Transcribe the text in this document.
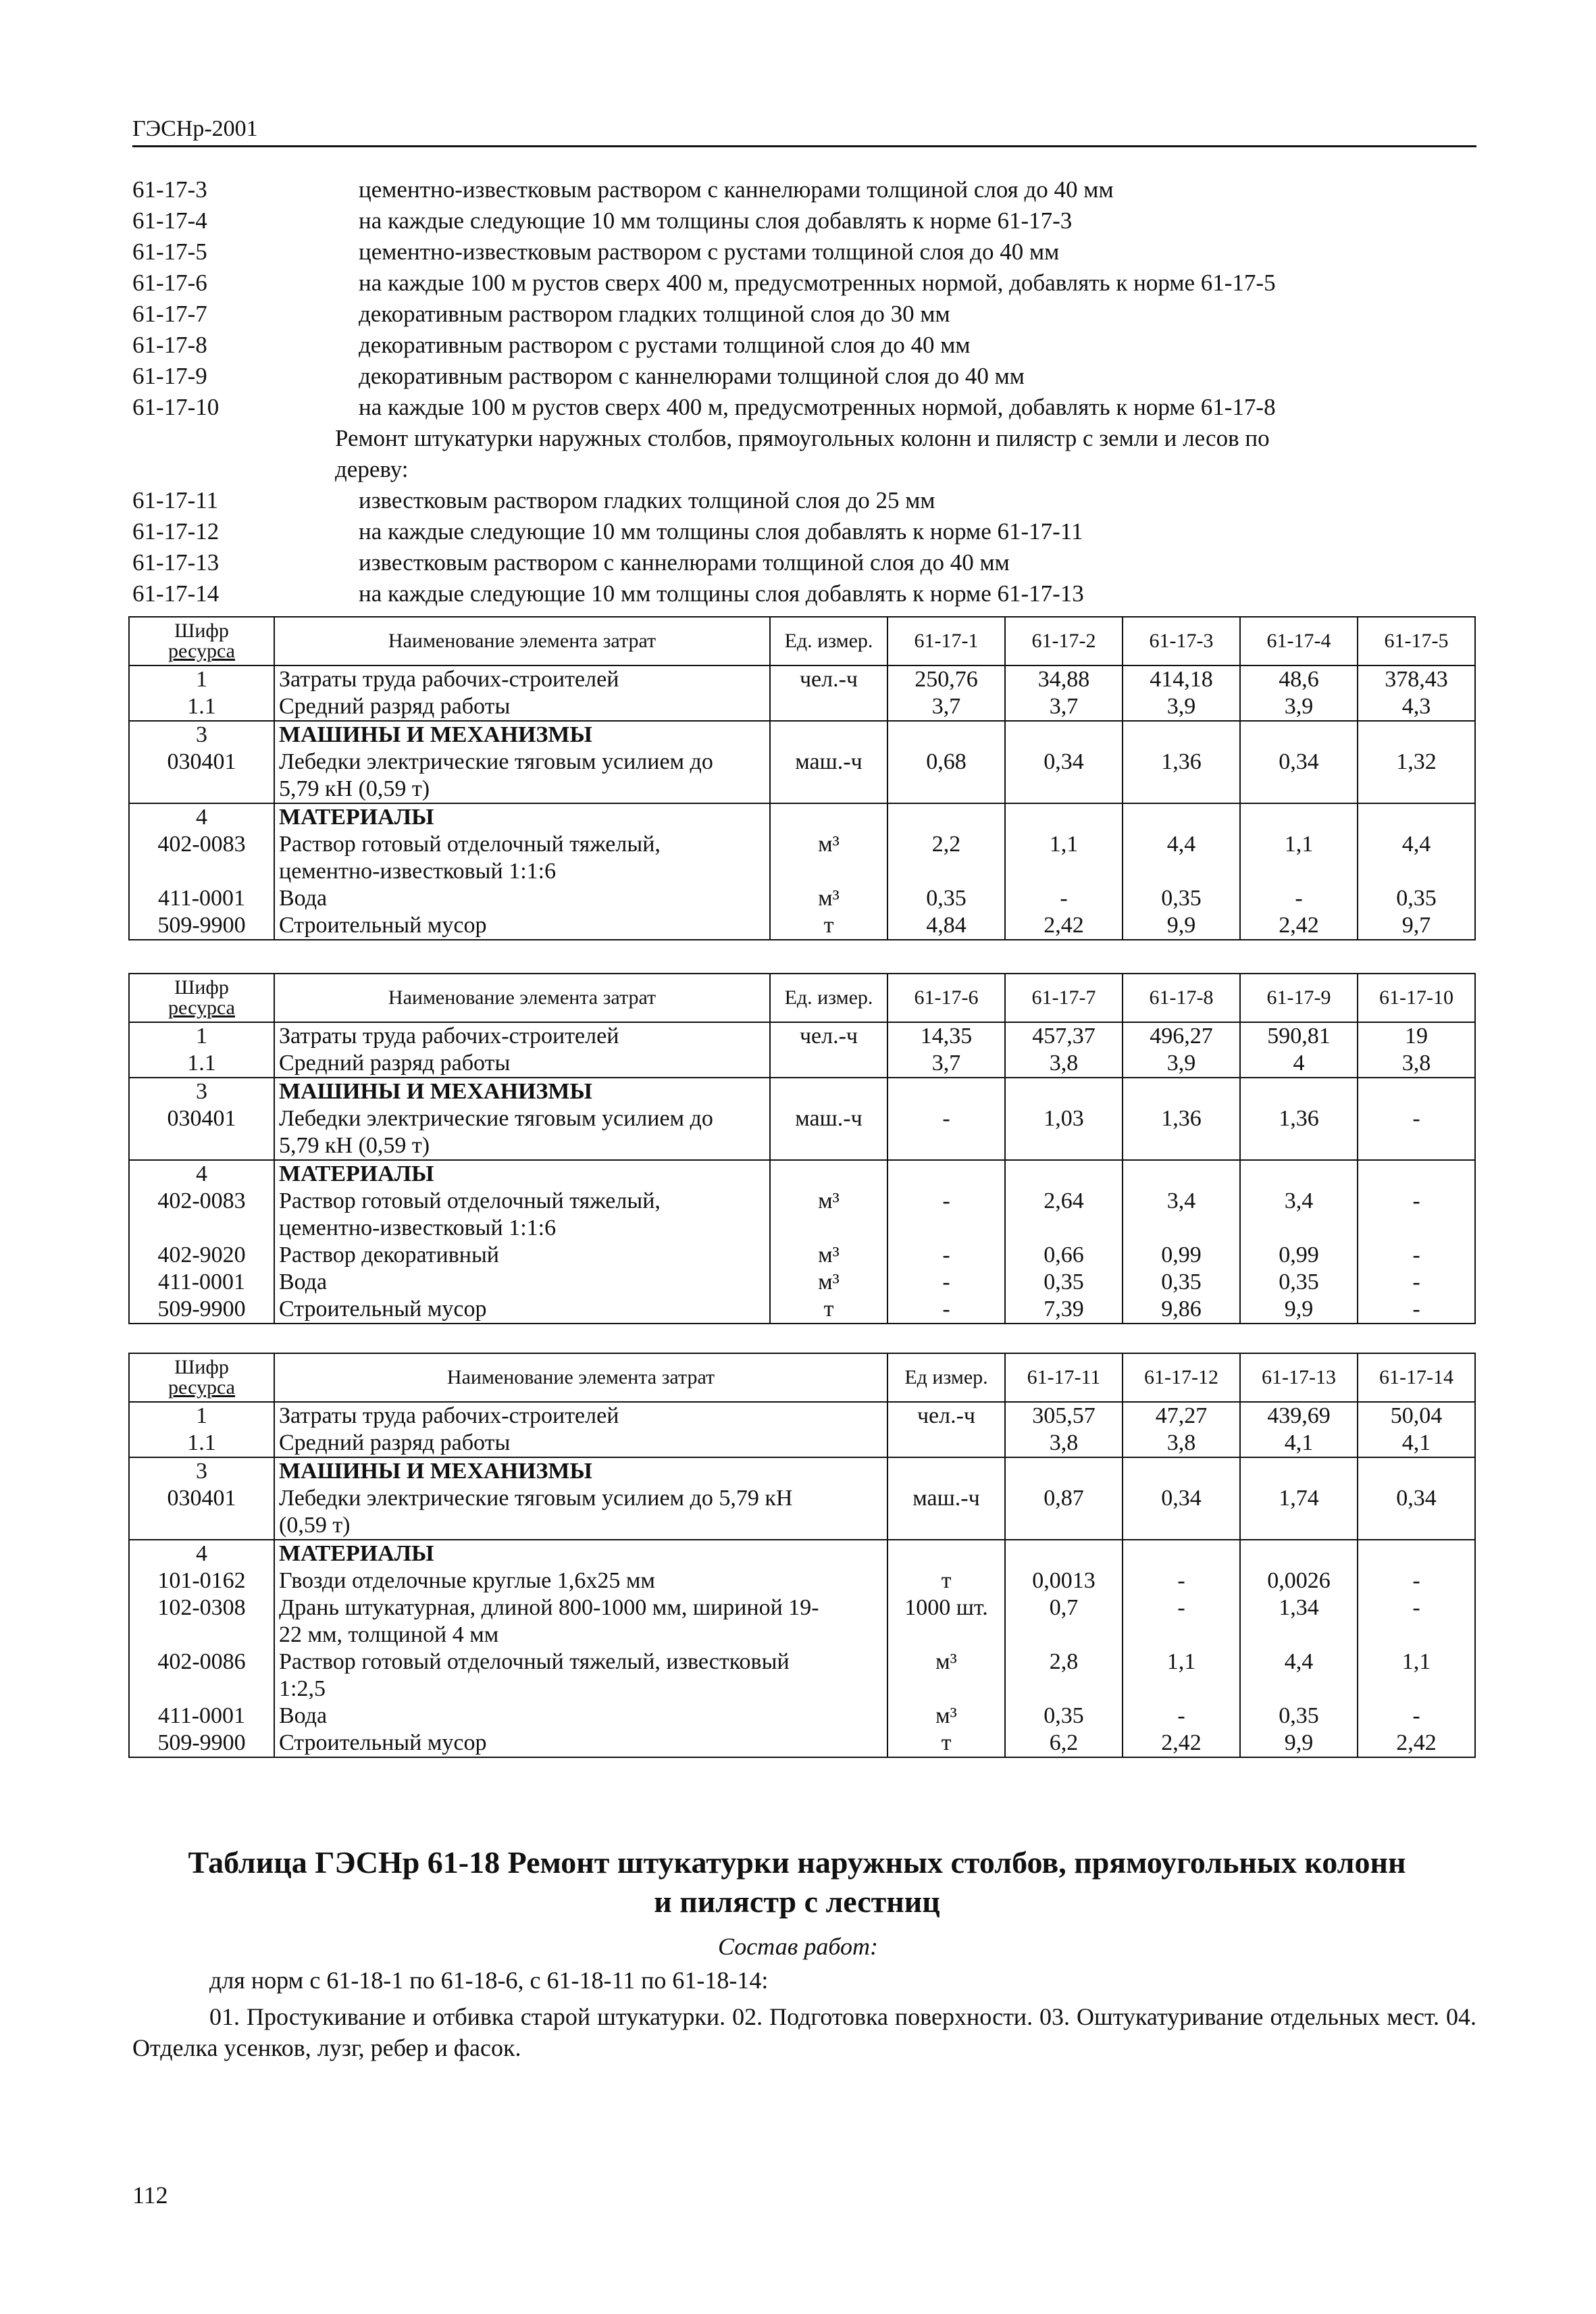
ГЭСНр-2001
61-17-3	цементно-известковым раствором с каннелюрами толщиной слоя до 40 мм
61-17-4	на каждые следующие 10 мм толщины слоя добавлять к норме 61-17-3
61-17-5	цементно-известковым раствором с рустами толщиной слоя до 40 мм
61-17-6	на каждые 100 м рустов сверх 400 м, предусмотренных нормой, добавлять к норме 61-17-5
61-17-7	декоративным раствором гладких толщиной слоя до 30 мм
61-17-8	декоративным раствором с рустами толщиной слоя до 40 мм
61-17-9	декоративным раствором с каннелюрами толщиной слоя до 40 мм
61-17-10	на каждые 100 м рустов сверх 400 м, предусмотренных нормой, добавлять к норме 61-17-8
Ремонт штукатурки наружных столбов, прямоугольных колонн и пилястр с земли и лесов по
дереву:
61-17-11	известковым раствором гладких толщиной слоя до 25 мм
61-17-12	на каждые следующие 10 мм толщины слоя добавлять к норме 61-17-11
61-17-13	известковым раствором с каннелюрами толщиной слоя до 40 мм
61-17-14	на каждые следующие 10 мм толщины слоя добавлять к норме 61-17-13
Шифр
ресурса	Наименование элемента затрат	Ед. измер.	61-17-1	61-17-2	61-17-3	61-17-4	61-17-5
1	Затраты труда рабочих-строителей	чел.-ч	250,76	34,88	414,18	48,6	378,43
1.1	Средний разряд работы		3,7	3,7	3,9	3,9	4,3
3	МАШИНЫ И МЕХАНИЗМЫ						

030401	Лебедки электрические тяговым усилием до
5,79 кН (0,59 т)	маш.-ч	0,68	0,34	1,36	0,34	1,32
4	МАТЕРИАЛЫ						

402-0083	Раствор готовый отделочный тяжелый,
цементно-известковый 1:1:6	м³	2,2	1,1	4,4	1,1	4,4
411-0001	Вода	м³	0,35	-	0,35	-	0,35
509-9900	Строительный мусор	т	4,84	2,42	9,9	2,42	9,7
Шифр
ресурса	Наименование элемента затрат	Ед. измер.	61-17-6	61-17-7	61-17-8	61-17-9	61-17-10
1	Затраты труда рабочих-строителей	чел.-ч	14,35	457,37	496,27	590,81	19
1.1	Средний разряд работы		3,7	3,8	3,9	4	3,8
3	МАШИНЫ И МЕХАНИЗМЫ						

030401	Лебедки электрические тяговым усилием до
5,79 кН (0,59 т)	маш.-ч	-	1,03	1,36	1,36	-
4	МАТЕРИАЛЫ						

402-0083	Раствор готовый отделочный тяжелый,
цементно-известковый 1:1:6	м³	-	2,64	3,4	3,4	-
402-9020	Раствор декоративный	м³	-	0,66	0,99	0,99	-
411-0001	Вода	м³	-	0,35	0,35	0,35	-
509-9900	Строительный мусор	т	-	7,39	9,86	9,9	-
Шифр
ресурса	Наименование элемента затрат	Ед измер.	61-17-11	61-17-12	61-17-13	61-17-14
1	Затраты труда рабочих-строителей	чел.-ч	305,57	47,27	439,69	50,04
1.1	Средний разряд работы		3,8	3,8	4,1	4,1
3	МАШИНЫ И МЕХАНИЗМЫ					

030401	Лебедки электрические тяговым усилием до 5,79 кН
(0,59 т)	маш.-ч	0,87	0,34	1,74	0,34
4	МАТЕРИАЛЫ					

101-0162	Гвозди отделочные круглые 1,6х25 мм	т	0,0013	-	0,0026	-
102-0308	Дрань штукатурная, длиной 800-1000 мм, шириной 19-
22 мм, толщиной 4 мм	1000 шт.	0,7	-	1,34	-
402-0086	Раствор готовый отделочный тяжелый, известковый
1:2,5	м³	2,8	1,1	4,4	1,1
411-0001	Вода	м³	0,35	-	0,35	-
509-9900	Строительный мусор	т	6,2	2,42	9,9	2,42
Таблица ГЭСНр 61-18 Ремонт штукатурки наружных столбов, прямоугольных колонн
и пилястр с лестниц
Состав работ:
для норм с 61-18-1 по 61-18-6, с 61-18-11 по 61-18-14:
01. Простукивание и отбивка старой штукатурки. 02. Подготовка поверхности. 03. Оштукатуривание отдельных мест. 04. Отделка усенков, лузг, ребер и фасок.
112
